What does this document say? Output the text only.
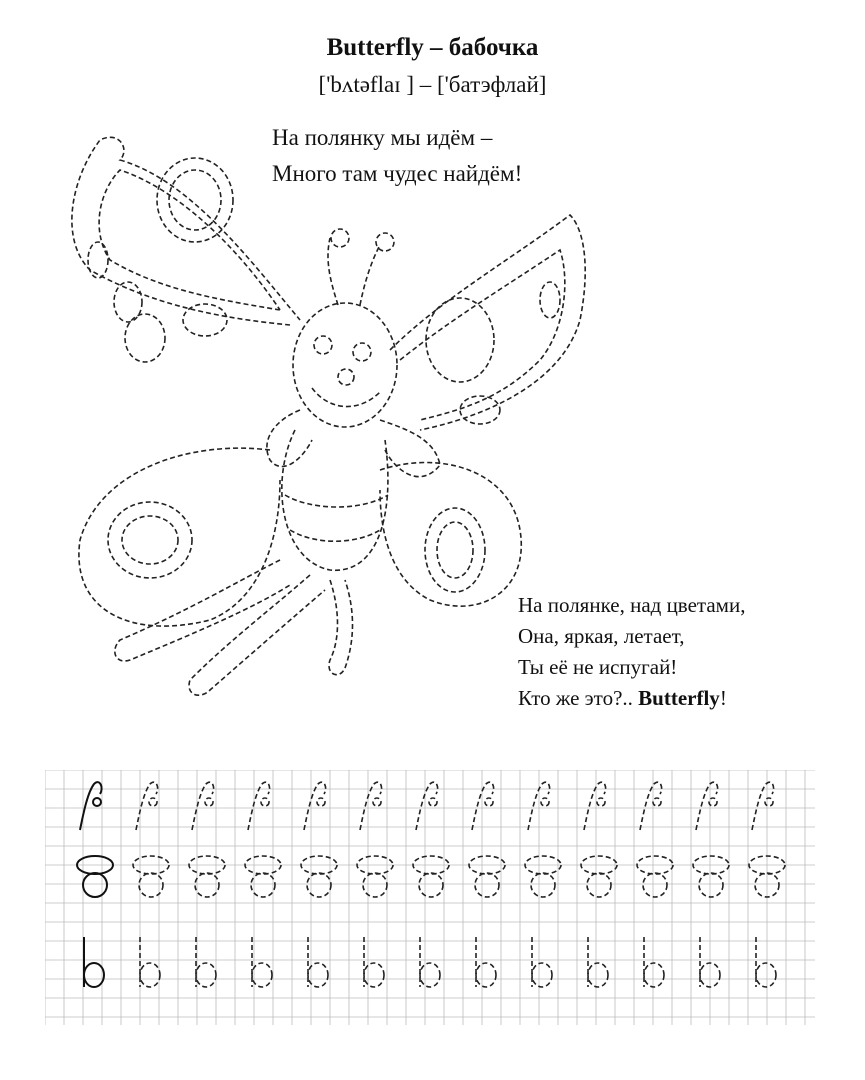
Butterfly – бабочка
['bʌtəflaɪ ] – ['батэфлай]
На полянку мы идём –
Много там чудес найдём!
На полянке, над цветами,
Она, яркая, летает,
Ты её не испугай!
Кто же это?.. Butterfly!
